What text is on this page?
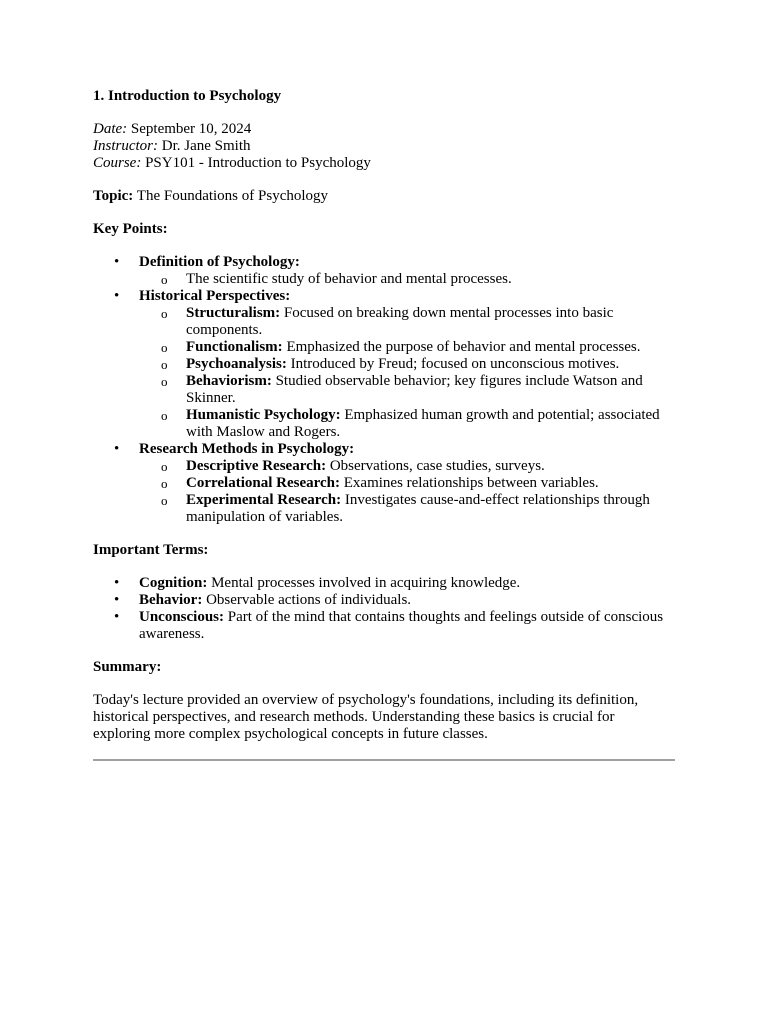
1. Introduction to Psychology
Date: September 10, 2024
Instructor: Dr. Jane Smith
Course: PSY101 - Introduction to Psychology
Topic: The Foundations of Psychology
Key Points:
•	Definition of Psychology:
o The scientific study of behavior and mental processes.
•	Historical Perspectives:
o Structuralism: Focused on breaking down mental processes into basic components.
o Functionalism: Emphasized the purpose of behavior and mental processes.
o Psychoanalysis: Introduced by Freud; focused on unconscious motives.
o Behaviorism: Studied observable behavior; key figures include Watson and Skinner.
o Humanistic Psychology: Emphasized human growth and potential; associated with Maslow and Rogers.
•	Research Methods in Psychology:
o Descriptive Research: Observations, case studies, surveys.
o Correlational Research: Examines relationships between variables.
o Experimental Research: Investigates cause-and-effect relationships through manipulation of variables.
Important Terms:
•	Cognition: Mental processes involved in acquiring knowledge.
•	Behavior: Observable actions of individuals.
•	Unconscious: Part of the mind that contains thoughts and feelings outside of conscious awareness.
Summary:
Today's lecture provided an overview of psychology's foundations, including its definition, historical perspectives, and research methods. Understanding these basics is crucial for exploring more complex psychological concepts in future classes.
